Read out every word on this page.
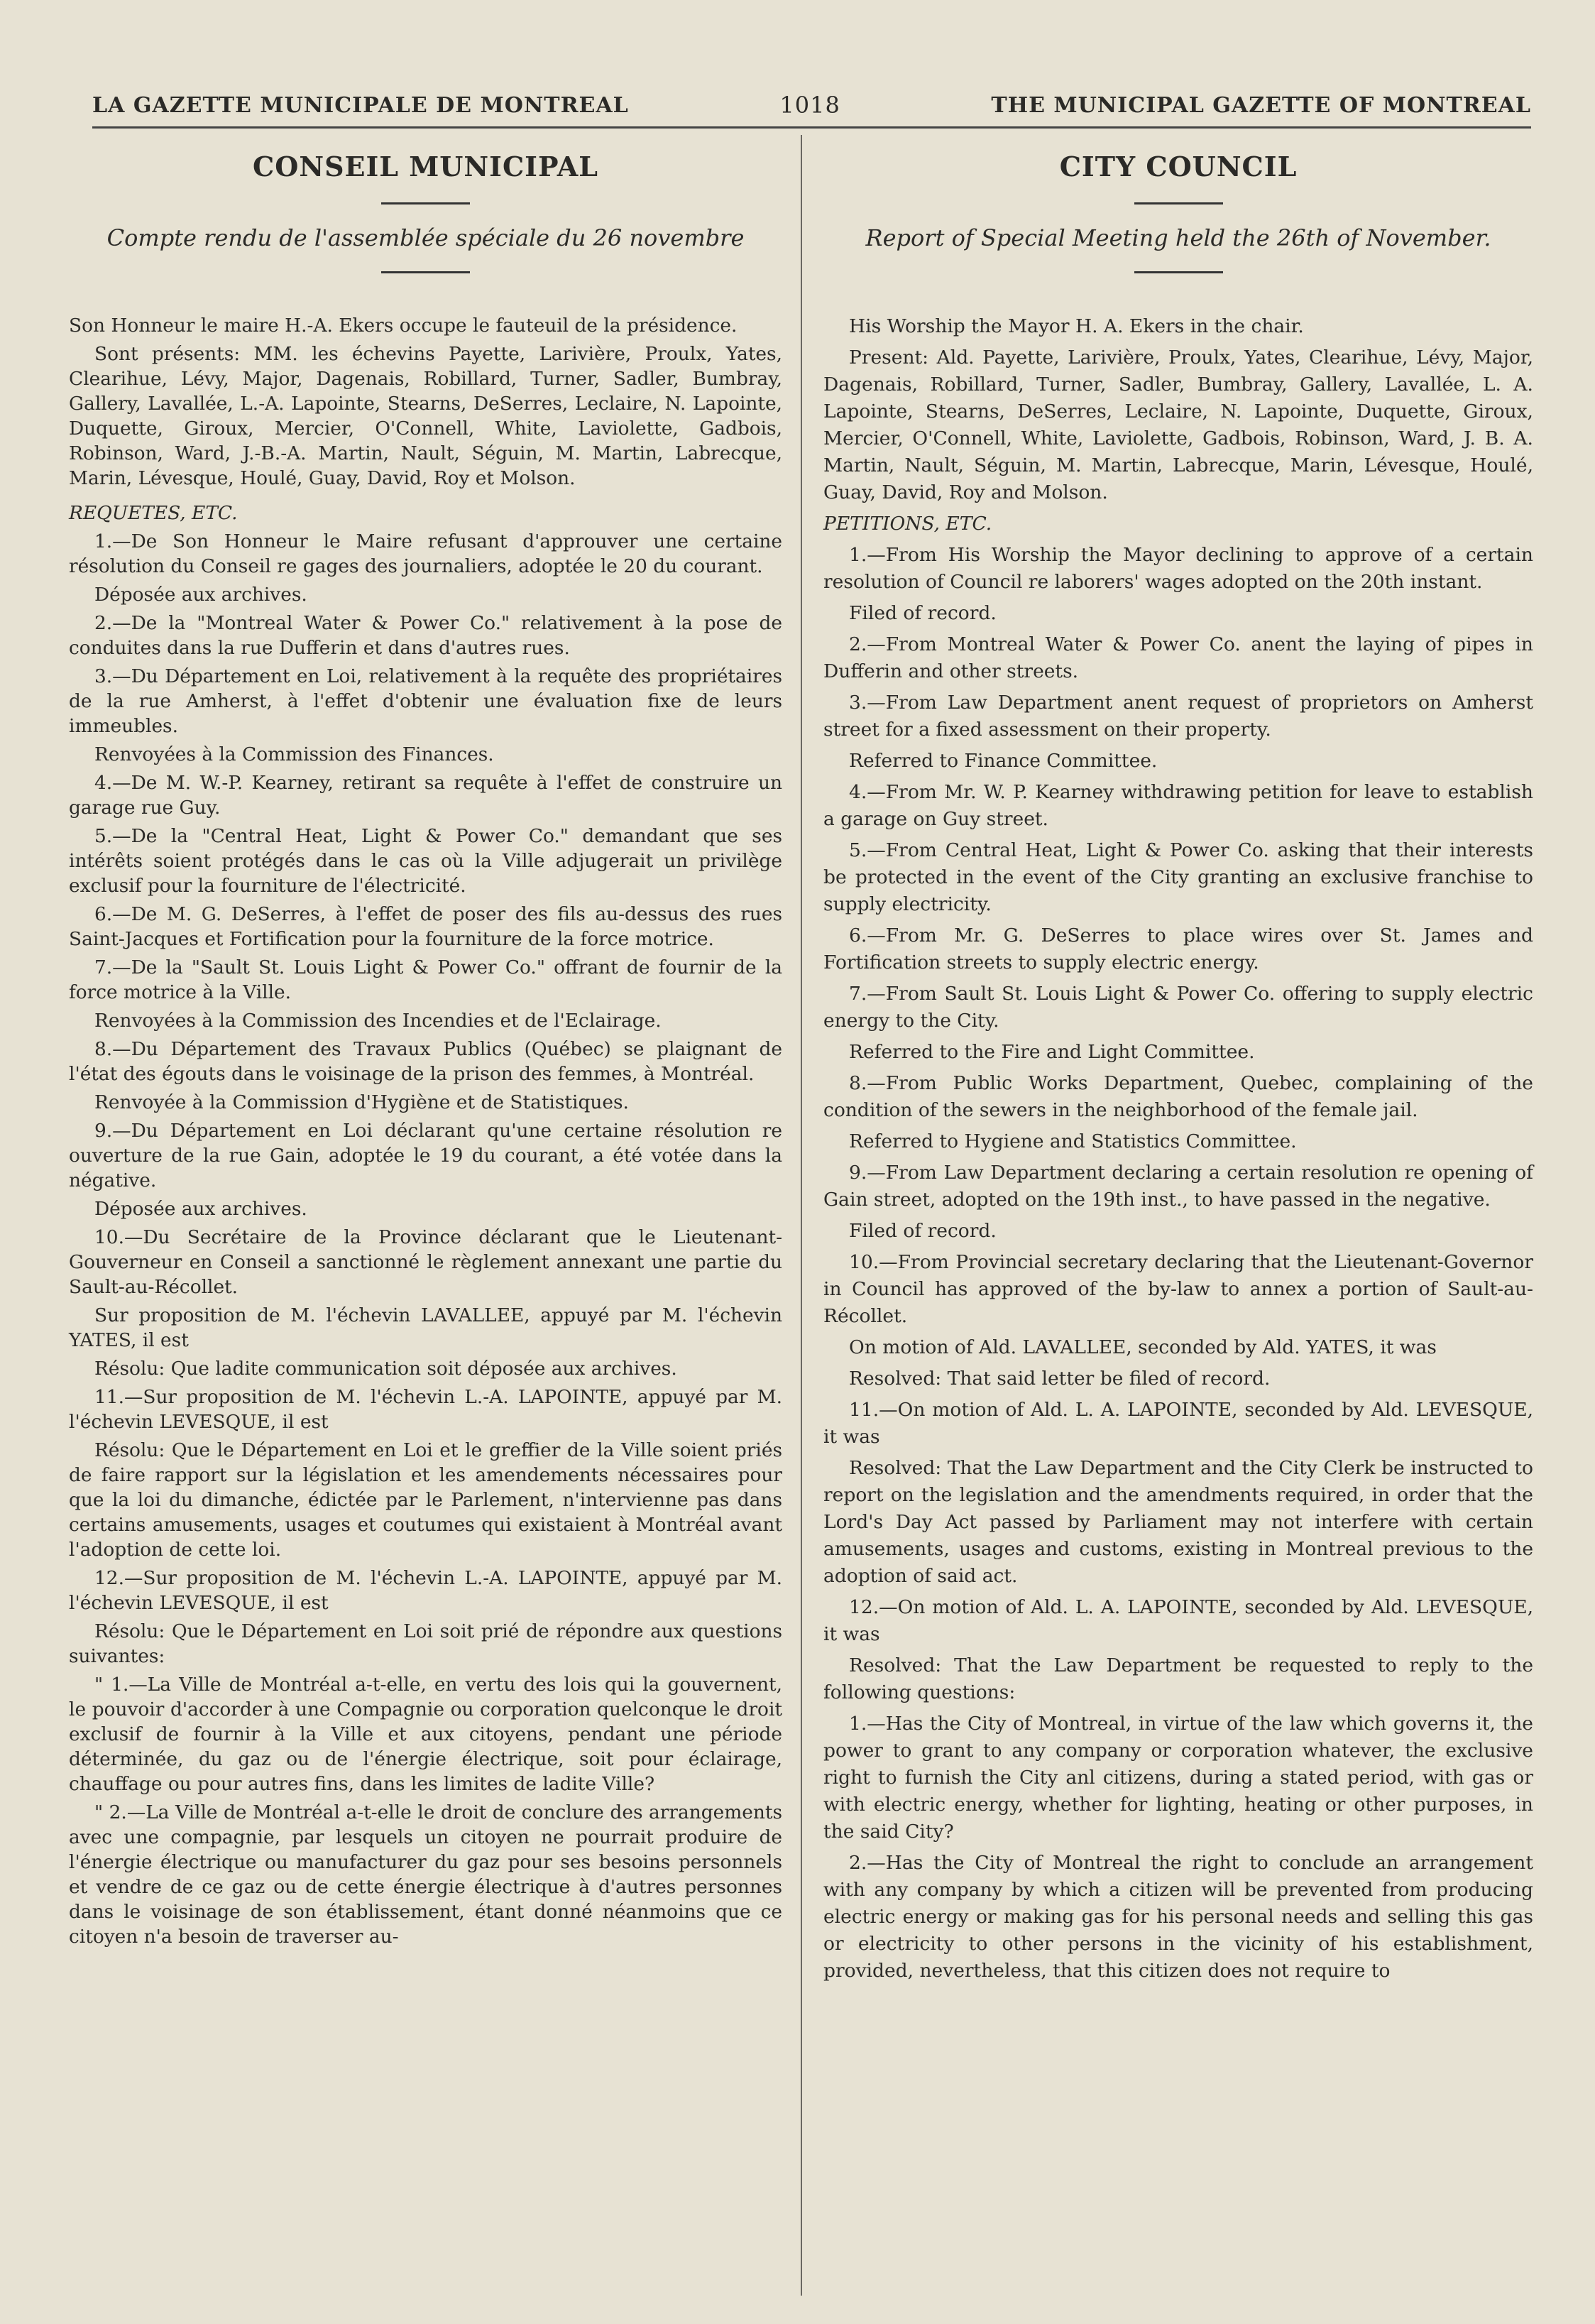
LA GAZETTE MUNICIPALE DE MONTREAL	1018	THE MUNICIPAL GAZETTE OF MONTREAL
CONSEIL MUNICIPAL
Compte rendu de l'assemblée spéciale du 26 novembre

Son Honneur le maire H.-A. Ekers occupe le fauteuil de la présidence.

Sont présents: MM. les échevins Payette, Larivière, Proulx, Yates, Clearihue, Lévy, Major, Dagenais, Robillard, Turner, Sadler, Bumbray, Gallery, Lavallée, L.-A. Lapointe, Stearns, DeSerres, Leclaire, N. Lapointe, Duquette, Giroux, Mercier, O'Connell, White, Laviolette, Gadbois, Robinson, Ward, J.-B.-A. Martin, Nault, Séguin, M. Martin, Labrecque, Marin, Lévesque, Houlé, Guay, David, Roy et Molson.

REQUETES, ETC.

1.—De Son Honneur le Maire refusant d'approuver une certaine résolution du Conseil re gages des journaliers, adoptée le 20 du courant.

Déposée aux archives.

2.—De la "Montreal Water & Power Co." relativement à la pose de conduites dans la rue Dufferin et dans d'autres rues.

3.—Du Département en Loi, relativement à la requête des propriétaires de la rue Amherst, à l'effet d'obtenir une évaluation fixe de leurs immeubles.

Renvoyées à la Commission des Finances.

4.—De M. W.-P. Kearney, retirant sa requête à l'effet de construire un garage rue Guy.

5.—De la "Central Heat, Light & Power Co." demandant que ses intérêts soient protégés dans le cas où la Ville adjugerait un privilège exclusif pour la fourniture de l'électricité.

6.—De M. G. DeSerres, à l'effet de poser des fils au-dessus des rues Saint-Jacques et Fortification pour la fourniture de la force motrice.

7.—De la "Sault St. Louis Light & Power Co." offrant de fournir de la force motrice à la Ville.

Renvoyées à la Commission des Incendies et de l'Eclairage.

8.—Du Département des Travaux Publics (Québec) se plaignant de l'état des égouts dans le voisinage de la prison des femmes, à Montréal.

Renvoyée à la Commission d'Hygiène et de Statistiques.

9.—Du Département en Loi déclarant qu'une certaine résolution re ouverture de la rue Gain, adoptée le 19 du courant, a été votée dans la négative.

Déposée aux archives.

10.—Du Secrétaire de la Province déclarant que le Lieutenant-Gouverneur en Conseil a sanctionné le règlement annexant une partie du Sault-au-Récollet.

Sur proposition de M. l'échevin LAVALLEE, appuyé par M. l'échevin YATES, il est

Résolu: Que ladite communication soit déposée aux archives.

11.—Sur proposition de M. l'échevin L.-A. LAPOINTE, appuyé par M. l'échevin LEVESQUE, il est

Résolu: Que le Département en Loi et le greffier de la Ville soient priés de faire rapport sur la législation et les amendements nécessaires pour que la loi du dimanche, édictée par le Parlement, n'intervienne pas dans certains amusements, usages et coutumes qui existaient à Montréal avant l'adoption de cette loi.

12.—Sur proposition de M. l'échevin L.-A. LAPOINTE, appuyé par M. l'échevin LEVESQUE, il est

Résolu: Que le Département en Loi soit prié de répondre aux questions suivantes:

" 1.—La Ville de Montréal a-t-elle, en vertu des lois qui la gouvernent, le pouvoir d'accorder à une Compagnie ou corporation quelconque le droit exclusif de fournir à la Ville et aux citoyens, pendant une période déterminée, du gaz ou de l'énergie électrique, soit pour éclairage, chauffage ou pour autres fins, dans les limites de ladite Ville?

" 2.—La Ville de Montréal a-t-elle le droit de conclure des arrangements avec une compagnie, par lesquels un citoyen ne pourrait produire de l'énergie électrique ou manufacturer du gaz pour ses besoins personnels et vendre de ce gaz ou de cette énergie électrique à d'autres personnes dans le voisinage de son établissement, étant donné néanmoins que ce citoyen n'a besoin de traverser au-

CITY COUNCIL
Report of Special Meeting held the 26th of November.

His Worship the Mayor H. A. Ekers in the chair.

Present: Ald. Payette, Larivière, Proulx, Yates, Clearihue, Lévy, Major, Dagenais, Robillard, Turner, Sadler, Bumbray, Gallery, Lavallée, L. A. Lapointe, Stearns, DeSerres, Leclaire, N. Lapointe, Duquette, Giroux, Mercier, O'Connell, White, Laviolette, Gadbois, Robinson, Ward, J. B. A. Martin, Nault, Séguin, M. Martin, Labrecque, Marin, Lévesque, Houlé, Guay, David, Roy and Molson.

PETITIONS, ETC.

1.—From His Worship the Mayor declining to approve of a certain resolution of Council re laborers' wages adopted on the 20th instant.

Filed of record.

2.—From Montreal Water & Power Co. anent the laying of pipes in Dufferin and other streets.

3.—From Law Department anent request of proprietors on Amherst street for a fixed assessment on their property.

Referred to Finance Committee.

4.—From Mr. W. P. Kearney withdrawing petition for leave to establish a garage on Guy street.

5.—From Central Heat, Light & Power Co. asking that their interests be protected in the event of the City granting an exclusive franchise to supply electricity.

6.—From Mr. G. DeSerres to place wires over St. James and Fortification streets to supply electric energy.

7.—From Sault St. Louis Light & Power Co. offering to supply electric energy to the City.

Referred to the Fire and Light Committee.

8.—From Public Works Department, Quebec, complaining of the condition of the sewers in the neighborhood of the female jail.

Referred to Hygiene and Statistics Committee.

9.—From Law Department declaring a certain resolution re opening of Gain street, adopted on the 19th inst., to have passed in the negative.

Filed of record.

10.—From Provincial secretary declaring that the Lieutenant-Governor in Council has approved of the by-law to annex a portion of Sault-au-Récollet.

On motion of Ald. LAVALLEE, seconded by Ald. YATES, it was

Resolved: That said letter be filed of record.

11.—On motion of Ald. L. A. LAPOINTE, seconded by Ald. LEVESQUE, it was

Resolved: That the Law Department and the City Clerk be instructed to report on the legislation and the amendments required, in order that the Lord's Day Act passed by Parliament may not interfere with certain amusements, usages and customs, existing in Montreal previous to the adoption of said act.

12.—On motion of Ald. L. A. LAPOINTE, seconded by Ald. LEVESQUE, it was

Resolved: That the Law Department be requested to reply to the following questions:

1.—Has the City of Montreal, in virtue of the law which governs it, the power to grant to any company or corporation whatever, the exclusive right to furnish the City anl citizens, during a stated period, with gas or with electric energy, whether for lighting, heating or other purposes, in the said City?

2.—Has the City of Montreal the right to conclude an arrangement with any company by which a citizen will be prevented from producing electric energy or making gas for his personal needs and selling this gas or electricity to other persons in the vicinity of his establishment, provided, nevertheless, that this citizen does not require to
